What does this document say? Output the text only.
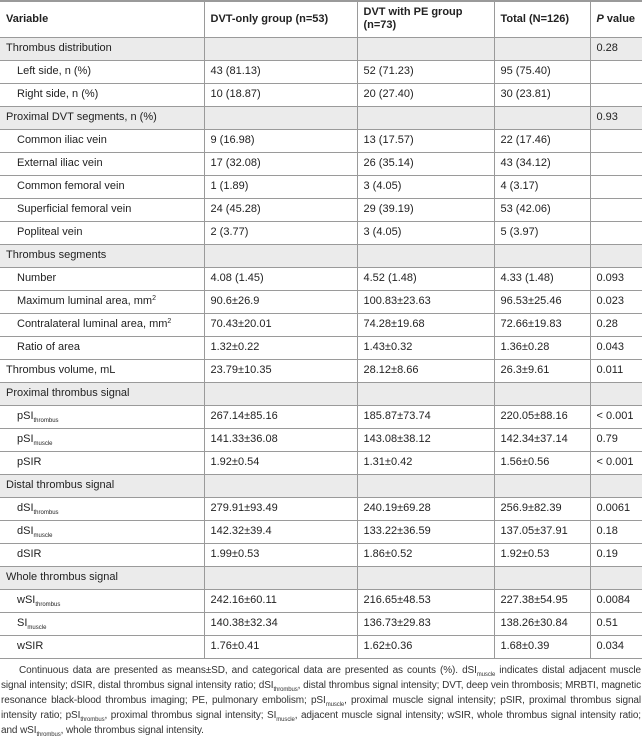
Variable	DVT-only group (n=53)	DVT with PE group (n=73)	Total (N=126)	P value
Thrombus distribution				0.28
Left side, n (%)	43 (81.13)	52 (71.23)	95 (75.40)	
Right side, n (%)	10 (18.87)	20 (27.40)	30 (23.81)	
Proximal DVT segments, n (%)				0.93
Common iliac vein	9 (16.98)	13 (17.57)	22 (17.46)	
External iliac vein	17 (32.08)	26 (35.14)	43 (34.12)	
Common femoral vein	1 (1.89)	3 (4.05)	4 (3.17)	
Superficial femoral vein	24 (45.28)	29 (39.19)	53 (42.06)	
Popliteal vein	2 (3.77)	3 (4.05)	5 (3.97)	
Thrombus segments				
Number	4.08 (1.45)	4.52 (1.48)	4.33 (1.48)	0.093
Maximum luminal area, $mm^2$	90.6±26.9	100.83±23.63	96.53±25.46	0.023
Contralateral luminal area, $mm^2$	70.43±20.01	74.28±19.68	72.66±19.83	0.28
Ratio of area	1.32±0.22	1.43±0.32	1.36±0.28	0.043
Thrombus volume, mL	23.79±10.35	28.12±8.66	26.3±9.61	0.011
Proximal thrombus signal				
pSI$_{thrombus}$	267.14±85.16	185.87±73.74	220.05±88.16	< 0.001
pSI$_{muscle}$	141.33±36.08	143.08±38.12	142.34±37.14	0.79
pSIR	1.92±0.54	1.31±0.42	1.56±0.56	< 0.001
Distal thrombus signal				
dSI$_{thrombus}$	279.91±93.49	240.19±69.28	256.9±82.39	0.0061
dSI$_{muscle}$	142.32±39.4	133.22±36.59	137.05±37.91	0.18
dSIR	1.99±0.53	1.86±0.52	1.92±0.53	0.19
Whole thrombus signal				
wSI$_{thrombus}$	242.16±60.11	216.65±48.53	227.38±54.95	0.0084
$SI_{muscle}$	140.38±32.34	136.73±29.83	138.26±30.84	0.51
wSIR	1.76±0.41	1.62±0.36	1.68±0.39	0.034
Continuous data are presented as means±SD, and categorical data are presented as counts (%). dSI$_{muscle}$ indicates distal adjacent muscle signal intensity; dSIR, distal thrombus signal intensity ratio; dSI$_{thrombus}$, distal thrombus signal intensity; DVT, deep vein thrombosis; MRBTI, magnetic resonance black-blood thrombus imaging; PE, pulmonary embolism; pSI$_{muscle}$, proximal muscle signal intensity; pSIR, proximal thrombus signal intensity ratio; pSI$_{thrombus}$, proximal thrombus signal intensity; $SI_{muscle}$, adjacent muscle signal intensity; wSIR, whole thrombus signal intensity ratio; and wSI$_{thrombus}$, whole thrombus signal intensity.
